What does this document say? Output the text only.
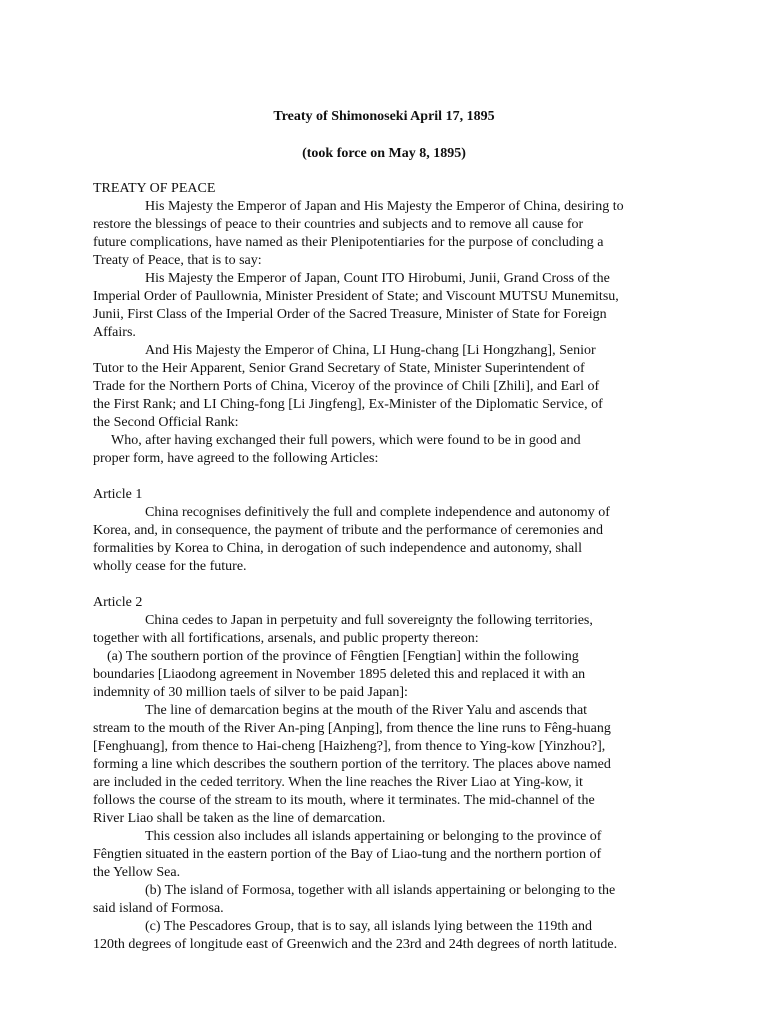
Treaty of Shimonoseki April 17, 1895
(took force on May 8, 1895)
TREATY OF PEACE
His Majesty the Emperor of Japan and His Majesty the Emperor of China, desiring to
restore the blessings of peace to their countries and subjects and to remove all cause for
future complications, have named as their Plenipotentiaries for the purpose of concluding a
Treaty of Peace, that is to say:
His Majesty the Emperor of Japan, Count ITO Hirobumi, Junii, Grand Cross of the
Imperial Order of Paullownia, Minister President of State; and Viscount MUTSU Munemitsu,
Junii, First Class of the Imperial Order of the Sacred Treasure, Minister of State for Foreign
Affairs.
And His Majesty the Emperor of China, LI Hung-chang [Li Hongzhang], Senior
Tutor to the Heir Apparent, Senior Grand Secretary of State, Minister Superintendent of
Trade for the Northern Ports of China, Viceroy of the province of Chili [Zhili], and Earl of
the First Rank; and LI Ching-fong [Li Jingfeng], Ex-Minister of the Diplomatic Service, of
the Second Official Rank:
Who, after having exchanged their full powers, which were found to be in good and
proper form, have agreed to the following Articles:
Article 1
China recognises definitively the full and complete independence and autonomy of
Korea, and, in consequence, the payment of tribute and the performance of ceremonies and
formalities by Korea to China, in derogation of such independence and autonomy, shall
wholly cease for the future.
Article 2
China cedes to Japan in perpetuity and full sovereignty the following territories,
together with all fortifications, arsenals, and public property thereon:
(a) The southern portion of the province of Fêngtien [Fengtian] within the following
boundaries [Liaodong agreement in November 1895 deleted this and replaced it with an
indemnity of 30 million taels of silver to be paid Japan]:
The line of demarcation begins at the mouth of the River Yalu and ascends that
stream to the mouth of the River An-ping [Anping], from thence the line runs to Fêng-huang
[Fenghuang], from thence to Hai-cheng [Haizheng?], from thence to Ying-kow [Yinzhou?],
forming a line which describes the southern portion of the territory. The places above named
are included in the ceded territory. When the line reaches the River Liao at Ying-kow, it
follows the course of the stream to its mouth, where it terminates. The mid-channel of the
River Liao shall be taken as the line of demarcation.
This cession also includes all islands appertaining or belonging to the province of
Fêngtien situated in the eastern portion of the Bay of Liao-tung and the northern portion of
the Yellow Sea.
(b) The island of Formosa, together with all islands appertaining or belonging to the
said island of Formosa.
(c) The Pescadores Group, that is to say, all islands lying between the 119th and
120th degrees of longitude east of Greenwich and the 23rd and 24th degrees of north latitude.
